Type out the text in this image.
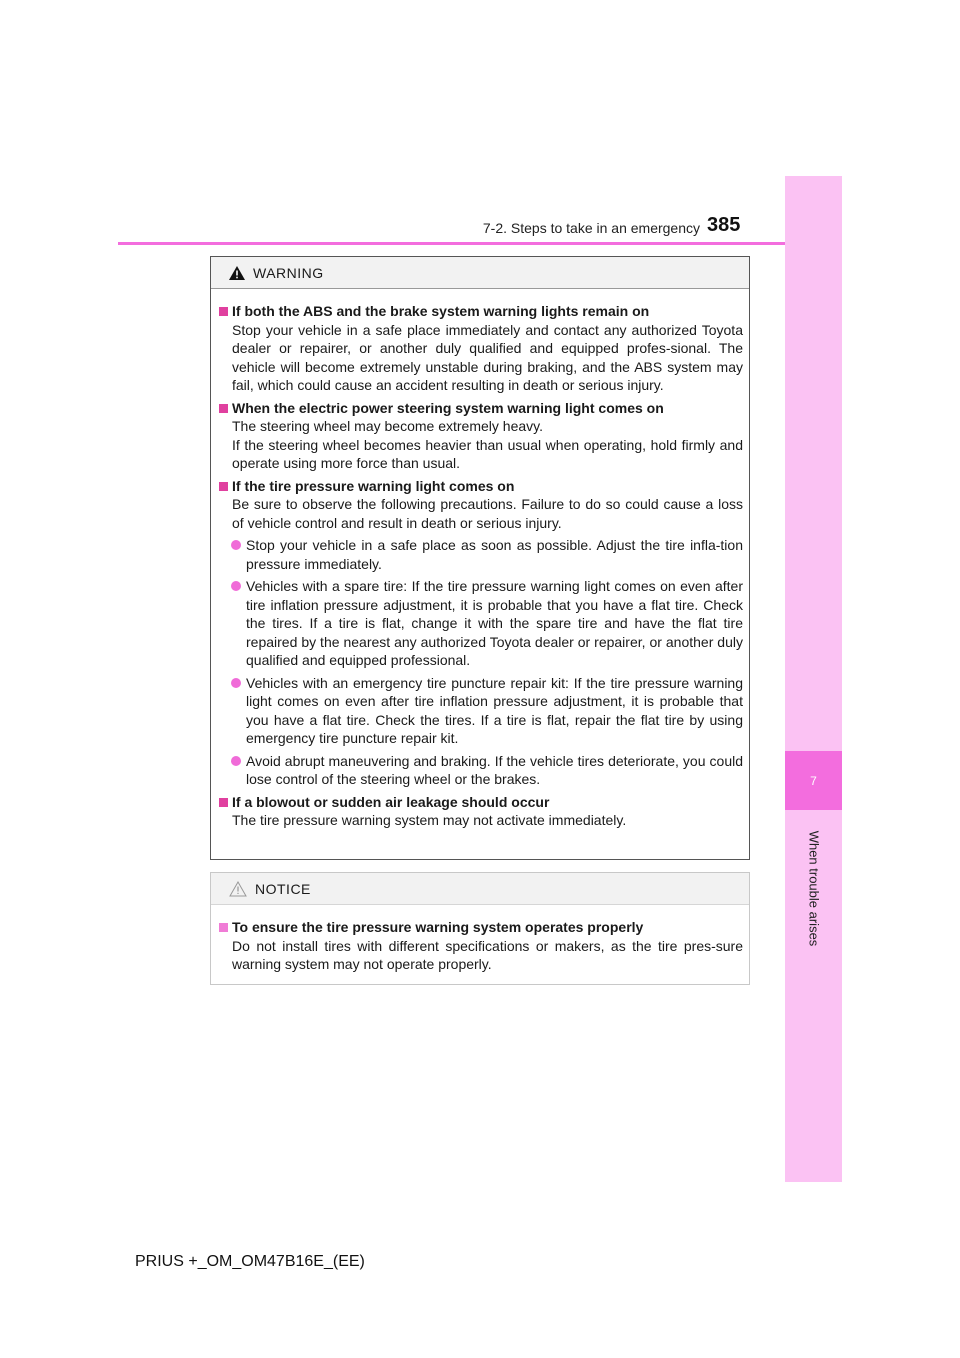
7
When trouble arises
7-2. Steps to take in an emergency 385
WARNING
If both the ABS and the brake system warning lights remain on
Stop your vehicle in a safe place immediately and contact any authorized Toyota dealer or repairer, or another duly qualified and equipped profes-sional. The vehicle will become extremely unstable during braking, and the ABS system may fail, which could cause an accident resulting in death or serious injury.
When the electric power steering system warning light comes on
The steering wheel may become extremely heavy.
If the steering wheel becomes heavier than usual when operating, hold firmly and operate using more force than usual.
If the tire pressure warning light comes on
Be sure to observe the following precautions. Failure to do so could cause a loss of vehicle control and result in death or serious injury.
Stop your vehicle in a safe place as soon as possible. Adjust the tire infla-tion pressure immediately.
Vehicles with a spare tire: If the tire pressure warning light comes on even after tire inflation pressure adjustment, it is probable that you have a flat tire. Check the tires. If a tire is flat, change it with the spare tire and have the flat tire repaired by the nearest any authorized Toyota dealer or repairer, or another duly qualified and equipped professional.
Vehicles with an emergency tire puncture repair kit: If the tire pressure warning light comes on even after tire inflation pressure adjustment, it is probable that you have a flat tire. Check the tires. If a tire is flat, repair the flat tire by using emergency tire puncture repair kit.
Avoid abrupt maneuvering and braking. If the vehicle tires deteriorate, you could lose control of the steering wheel or the brakes.
If a blowout or sudden air leakage should occur
The tire pressure warning system may not activate immediately.
NOTICE
To ensure the tire pressure warning system operates properly
Do not install tires with different specifications or makers, as the tire pres-sure warning system may not operate properly.
PRIUS +_OM_OM47B16E_(EE)
